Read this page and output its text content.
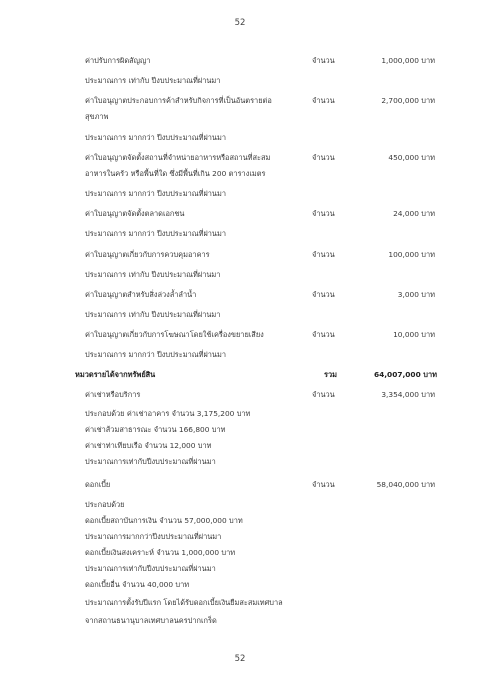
52
ค่าปรับการผิดสัญญา	จำนวน	1,000,000 บาท
ประมาณการ เท่ากับ ปีงบประมาณที่ผ่านมา
ค่าใบอนุญาตประกอบการค้าสำหรับกิจการที่เป็นอันตรายต่อ	จำนวน	2,700,000 บาท
สุขภาพ
ประมาณการ มากกว่า ปีงบประมาณที่ผ่านมา
ค่าใบอนุญาตจัดตั้งสถานที่จำหน่ายอาหารหรือสถานที่สะสม	จำนวน	450,000 บาท
อาหารในครัว หรือพื้นที่ใด ซึ่งมีพื้นที่เกิน 200 ตารางเมตร
ประมาณการ มากกว่า ปีงบประมาณที่ผ่านมา
ค่าใบอนุญาตจัดตั้งตลาดเอกชน	จำนวน	24,000 บาท
ประมาณการ มากกว่า ปีงบประมาณที่ผ่านมา
ค่าใบอนุญาตเกี่ยวกับการควบคุมอาคาร	จำนวน	100,000 บาท
ประมาณการ เท่ากับ ปีงบประมาณที่ผ่านมา
ค่าใบอนุญาตสำหรับสิ่งล่วงล้ำลำน้ำ	จำนวน	3,000 บาท
ประมาณการ เท่ากับ ปีงบประมาณที่ผ่านมา
ค่าใบอนุญาตเกี่ยวกับการโฆษณาโดยใช้เครื่องขยายเสียง	จำนวน	10,000 บาท
ประมาณการ มากกว่า ปีงบประมาณที่ผ่านมา
หมวดรายได้จากทรัพย์สิน	รวม	64,007,000 บาท
ค่าเช่าหรือบริการ	จำนวน	3,354,000 บาท
ประกอบด้วย ค่าเช่าอาคาร จำนวน 3,175,200 บาท
ค่าเช่าส้วมสาธารณะ จำนวน 166,800 บาท
ค่าเช่าท่าเทียบเรือ จำนวน 12,000 บาท
ประมาณการเท่ากับปีงบประมาณที่ผ่านมา
ดอกเบี้ย	จำนวน	58,040,000 บาท
ประกอบด้วย
ดอกเบี้ยสถาบันการเงิน จำนวน 57,000,000 บาท
ประมาณการมากกว่าปีงบประมาณที่ผ่านมา
ดอกเบี้ยเงินสงเคราะห์ จำนวน 1,000,000 บาท
ประมาณการเท่ากับปีงบประมาณที่ผ่านมา
ดอกเบี้ยอื่น จำนวน 40,000 บาท
ประมาณการตั้งรับปีแรก โดยได้รับดอกเบี้ยเงินยืมสะสมเทศบาล
จากสถานธนานุบาลเทศบาลนครปากเกร็ด
52
